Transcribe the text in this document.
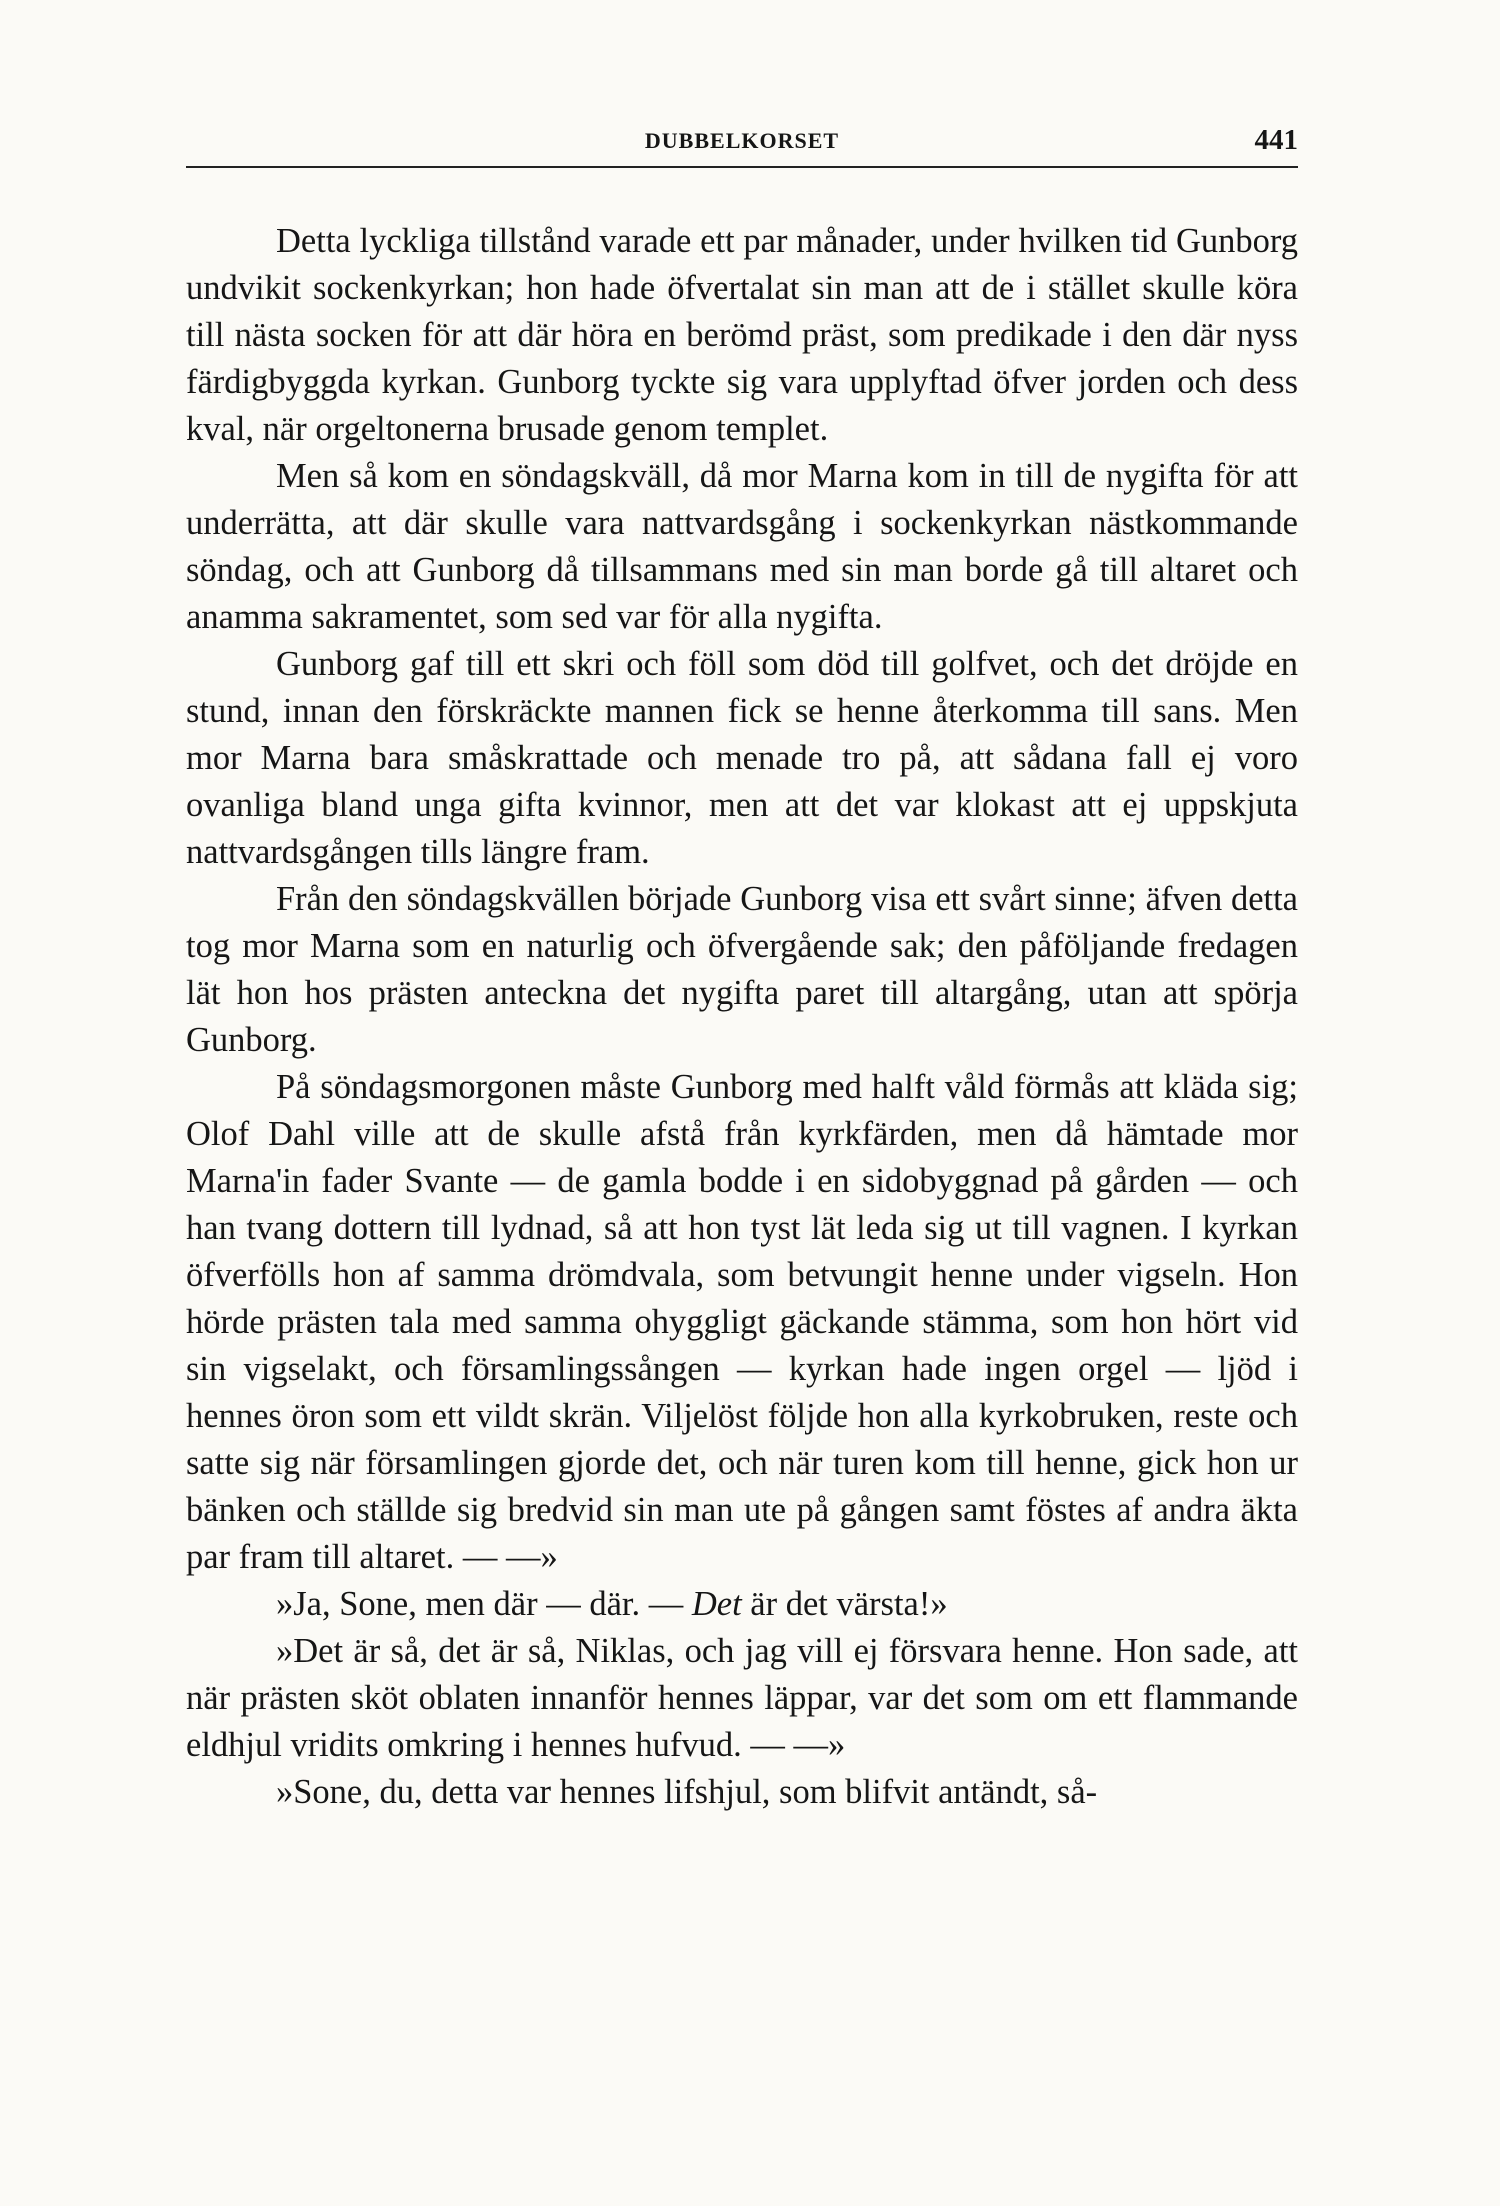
DUBBELKORSET	441

Detta lyckliga tillstånd varade ett par månader, under hvilken tid Gunborg undvikit sockenkyrkan; hon hade öfvertalat sin man att de i stället skulle köra till nästa socken för att där höra en berömd präst, som predikade i den där nyss färdigbyggda kyrkan. Gunborg tyckte sig vara upplyftad öfver jorden och dess kval, när orgeltonerna brusade genom templet.

Men så kom en söndagskväll, då mor Marna kom in till de nygifta för att underrätta, att där skulle vara nattvardsgång i sockenkyrkan nästkommande söndag, och att Gunborg då tillsammans med sin man borde gå till altaret och anamma sakramentet, som sed var för alla nygifta.

Gunborg gaf till ett skri och föll som död till golfvet, och det dröjde en stund, innan den förskräckte mannen fick se henne återkomma till sans. Men mor Marna bara småskrattade och menade tro på, att sådana fall ej voro ovanliga bland unga gifta kvinnor, men att det var klokast att ej uppskjuta nattvardsgången tills längre fram.

Från den söndagskvällen började Gunborg visa ett svårt sinne; äfven detta tog mor Marna som en naturlig och öfvergående sak; den påföljande fredagen lät hon hos prästen anteckna det nygifta paret till altargång, utan att spörja Gunborg.

På söndagsmorgonen måste Gunborg med halft våld förmås att kläda sig; Olof Dahl ville att de skulle afstå från kyrkfärden, men då hämtade mor Marna'in fader Svante — de gamla bodde i en sidobyggnad på gården — och han tvang dottern till lydnad, så att hon tyst lät leda sig ut till vagnen. I kyrkan öfverfölls hon af samma drömdvala, som betvungit henne under vigseln. Hon hörde prästen tala med samma ohyggligt gäckande stämma, som hon hört vid sin vigselakt, och församlingssången — kyrkan hade ingen orgel — ljöd i hennes öron som ett vildt skrän. Viljelöst följde hon alla kyrkobruken, reste och satte sig när församlingen gjorde det, och när turen kom till henne, gick hon ur bänken och ställde sig bredvid sin man ute på gången samt föstes af andra äkta par fram till altaret. — —»

»Ja, Sone, men där — där. — Det är det värsta!»

»Det är så, det är så, Niklas, och jag vill ej försvara henne. Hon sade, att när prästen sköt oblaten innanför hennes läppar, var det som om ett flammande eldhjul vridits omkring i hennes hufvud. — —»

»Sone, du, detta var hennes lifshjul, som blifvit antändt, så-
